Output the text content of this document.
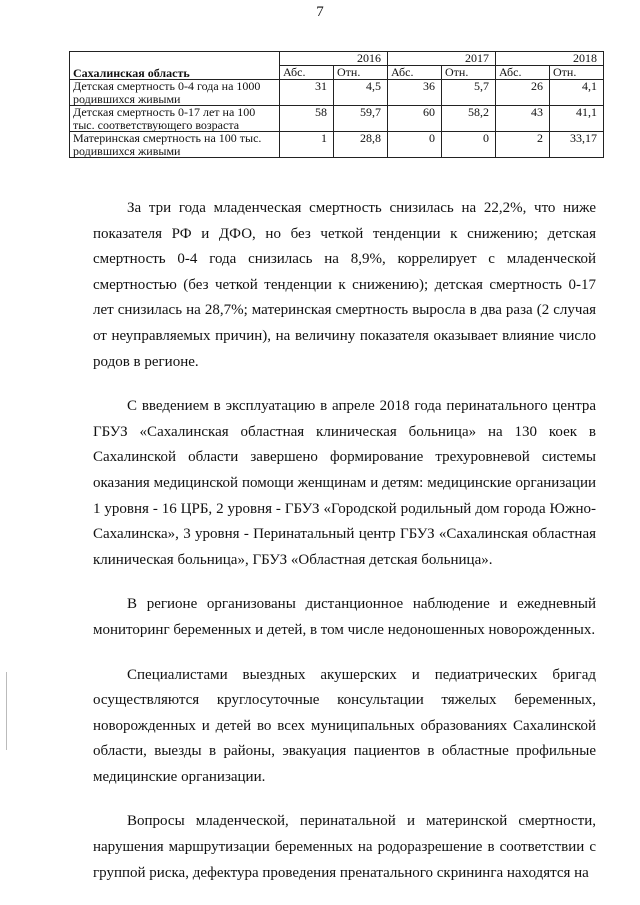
7
Сахалинская область	2016		2017		2018	
	Абс.	Отн.	Абс.	Отн.	Абс.	Отн.
Детская смертность 0-4 года на 1000 родившихся живыми	31	4,5	36	5,7	26	4,1
Детская смертность 0-17 лет на 100 тыс. соответствующего возраста	58	59,7	60	58,2	43	41,1
Материнская смертность на 100 тыс. родившихся живыми	1	28,8	0	0	2	33,17

За три года младенческая смертность снизилась на 22,2%, что ниже показателя РФ и ДФО, но без четкой тенденции к снижению; детская смертность 0-4 года снизилась на 8,9%, коррелирует с младенческой смертностью (без четкой тенденции к снижению); детская смертность 0-17 лет снизилась на 28,7%; материнская смертность выросла в два раза (2 случая от неуправляемых причин), на величину показателя оказывает влияние число родов в регионе.

С введением в эксплуатацию в апреле 2018 года перинатального центра ГБУЗ «Сахалинская областная клиническая больница» на 130 коек в Сахалинской области завершено формирование трехуровневой системы оказания медицинской помощи женщинам и детям: медицинские организации 1 уровня - 16 ЦРБ, 2 уровня - ГБУЗ «Городской родильный дом города Южно-Сахалинска», 3 уровня - Перинатальный центр ГБУЗ «Сахалинская областная клиническая больница», ГБУЗ «Областная детская больница».

В регионе организованы дистанционное наблюдение и ежедневный мониторинг беременных и детей, в том числе недоношенных новорожденных.

Специалистами выездных акушерских и педиатрических бригад осуществляются круглосуточные консультации тяжелых беременных, новорожденных и детей во всех муниципальных образованиях Сахалинской области, выезды в районы, эвакуация пациентов в областные профильные медицинские организации.

Вопросы младенческой, перинатальной и материнской смертности, нарушения маршрутизации беременных на родоразрешение в соответствии с группой риска, дефектура проведения пренатального скрининга находятся на
